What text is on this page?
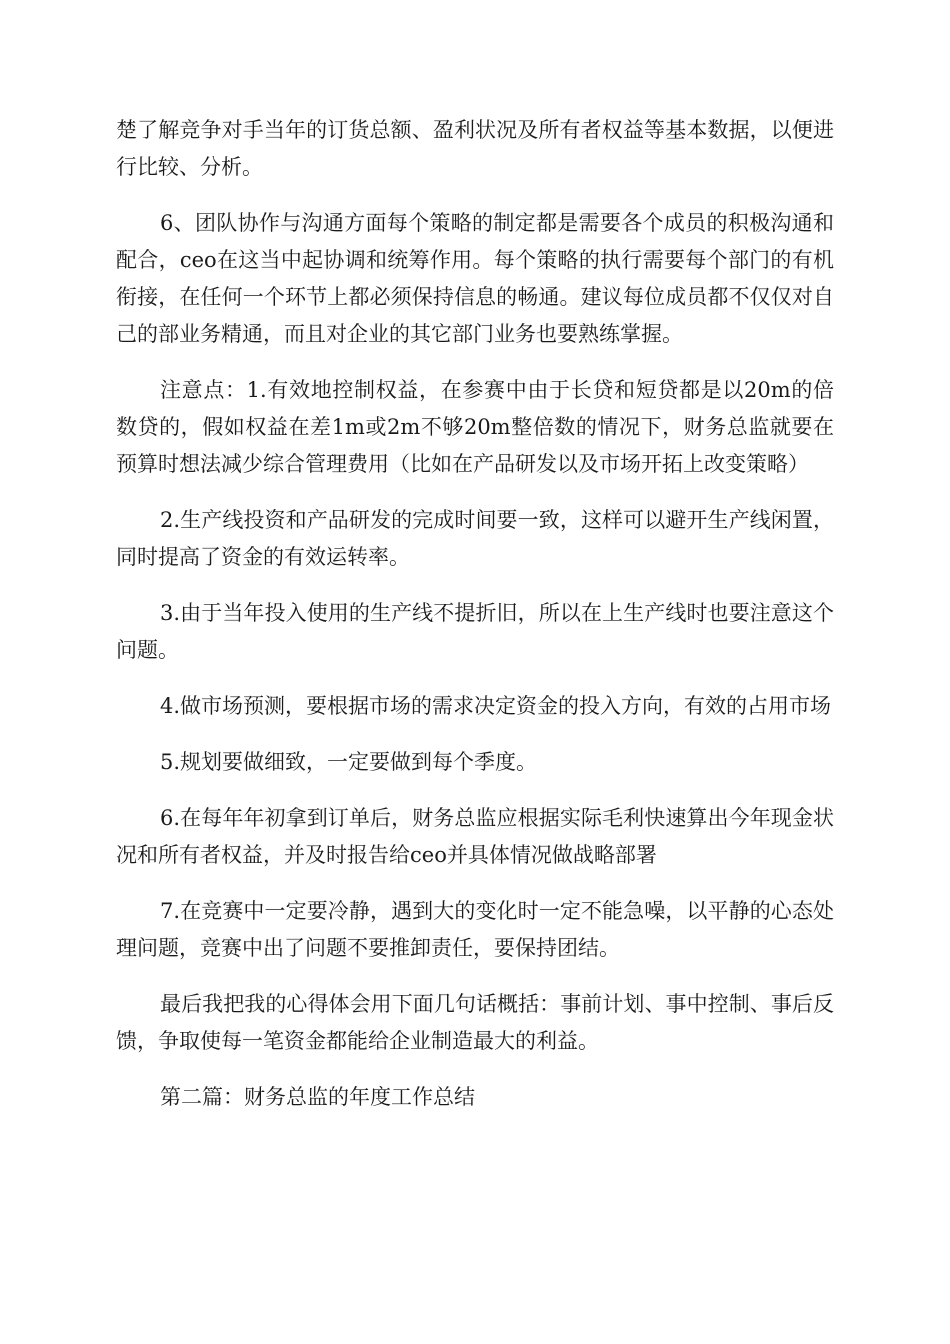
楚了解竞争对手当年的订货总额、盈利状况及所有者权益等基本数据，以便进行比较、分析。

6、团队协作与沟通方面每个策略的制定都是需要各个成员的积极沟通和配合，ceo在这当中起协调和统筹作用。每个策略的执行需要每个部门的有机衔接，在任何一个环节上都必须保持信息的畅通。建议每位成员都不仅仅对自己的部业务精通，而且对企业的其它部门业务也要熟练掌握。

注意点：1.有效地控制权益，在参赛中由于长贷和短贷都是以20m的倍数贷的，假如权益在差1m或2m不够20m整倍数的情况下，财务总监就要在预算时想法减少综合管理费用（比如在产品研发以及市场开拓上改变策略）

2.生产线投资和产品研发的完成时间要一致，这样可以避开生产线闲置，同时提高了资金的有效运转率。

3.由于当年投入使用的生产线不提折旧，所以在上生产线时也要注意这个问题。

4.做市场预测，要根据市场的需求决定资金的投入方向，有效的占用市场

5.规划要做细致，一定要做到每个季度。

6.在每年年初拿到订单后，财务总监应根据实际毛利快速算出今年现金状况和所有者权益，并及时报告给ceo并具体情况做战略部署

7.在竞赛中一定要冷静，遇到大的变化时一定不能急噪，以平静的心态处理问题，竞赛中出了问题不要推卸责任，要保持团结。

最后我把我的心得体会用下面几句话概括：事前计划、事中控制、事后反馈，争取使每一笔资金都能给企业制造最大的利益。

第二篇：财务总监的年度工作总结
